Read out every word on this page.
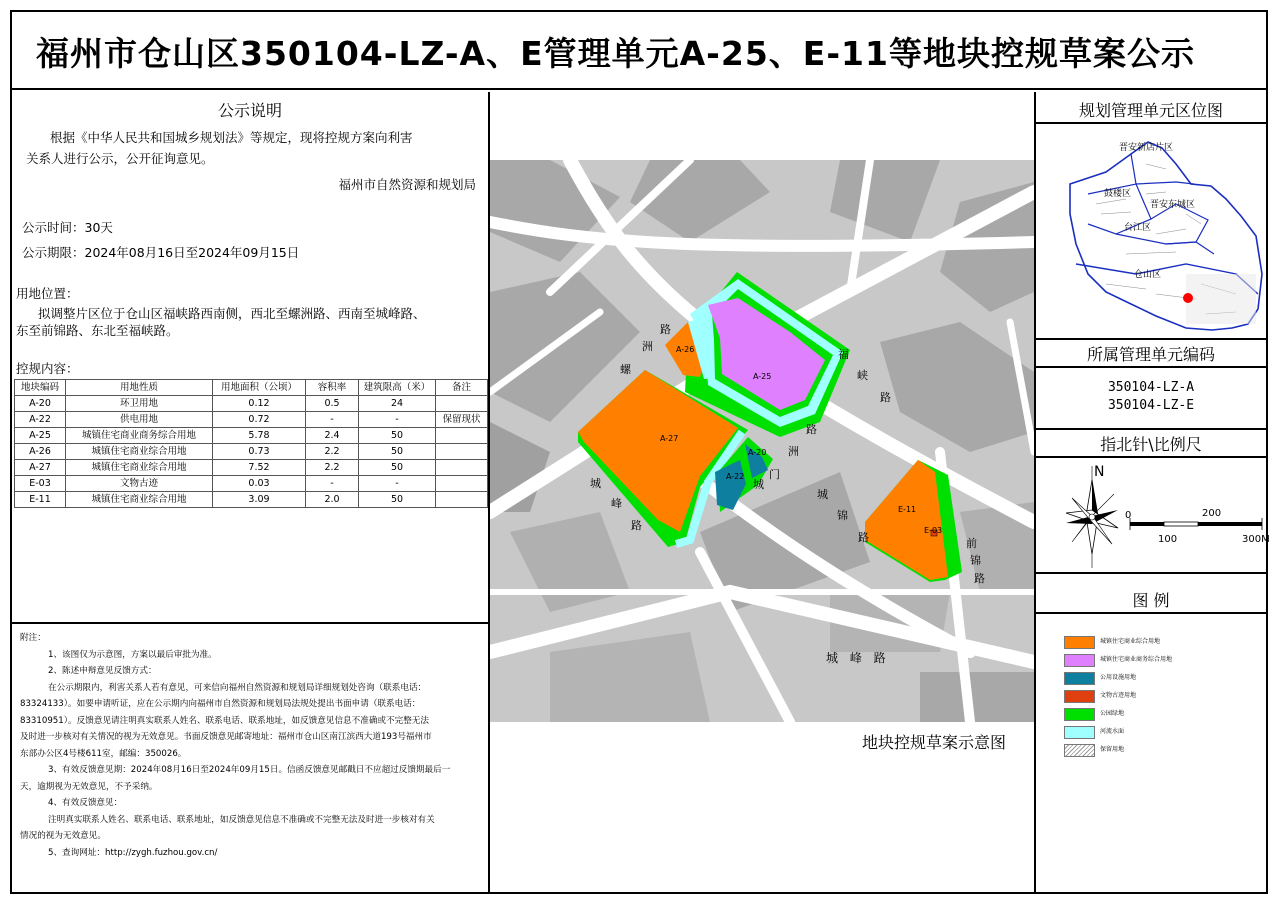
福州市仓山区350104-LZ-A、E管理单元A-25、E-11等地块控规草案公示
公示说明
根据《中华人民共和国城乡规划法》等规定，现将控规方案向利害
关系人进行公示，公开征询意见。
福州市自然资源和规划局
公示时间：30天
公示期限：2024年08月16日至2024年09月15日
用地位置：
拟调整片区位于仓山区福峡路西南侧，西北至螺洲路、西南至城峰路、
东至前锦路、东北至福峡路。
控规内容：
地块编码	用地性质	用地面积（公顷）	容积率	建筑限高（米）	备注
A-20	环卫用地	0.12	0.5	24	
A-22	供电用地	0.72	-	-	保留现状
A-25	城镇住宅商业商务综合用地	5.78	2.4	50	
A-26	城镇住宅商业综合用地	0.73	2.2	50	
A-27	城镇住宅商业综合用地	7.52	2.2	50	
E-03	文物古迹	0.03	-	-	
E-11	城镇住宅商业综合用地	3.09	2.0	50	
附注：
1、该图仅为示意图，方案以最后审批为准。
2、陈述申辩意见反馈方式：
在公示期限内，利害关系人若有意见，可来信向福州自然资源和规划局详细规划处咨询（联系电话：
83324133）。如要申请听证，应在公示期内向福州市自然资源和规划局法规处提出书面申请（联系电话：
83310951）。反馈意见请注明真实联系人姓名、联系电话、联系地址，如反馈意见信息不准确或不完整无法
及时进一步核对有关情况的视为无效意见。书面反馈意见邮寄地址：福州市仓山区南江滨西大道193号福州市
东部办公区4号楼611室，邮编：350026。
3、有效反馈意见期：2024年08月16日至2024年09月15日。信函反馈意见邮戳日不应超过反馈期最后一
天，逾期视为无效意见，不予采纳。
4、有效反馈意见：
注明真实联系人姓名、联系电话、联系地址，如反馈意见信息不准确或不完整无法及时进一步核对有关
情况的视为无效意见。
5、查询网址：http://zygh.fuzhou.gov.cn/
A-26
A-25
A-27
A-20
A-22
E-11
E-03
路
洲
螺
福
峡
路
路
洲
城
峰
路
门
城
城
锦
路	前
锦
路
城 峰 路
地块控规草案示意图
规划管理单元区位图
晋安新店片区
鼓楼区
晋安东城区
台江区
仓山区
所属管理单元编码
350104-LZ-A
350104-LZ-E
指北针\比例尺
N
0	200
100	300M
图 例
城镇住宅商业综合用地
城镇住宅商业商务综合用地
公用设施用地
文物古迹用地
公园绿地
河流水面
保留用地
